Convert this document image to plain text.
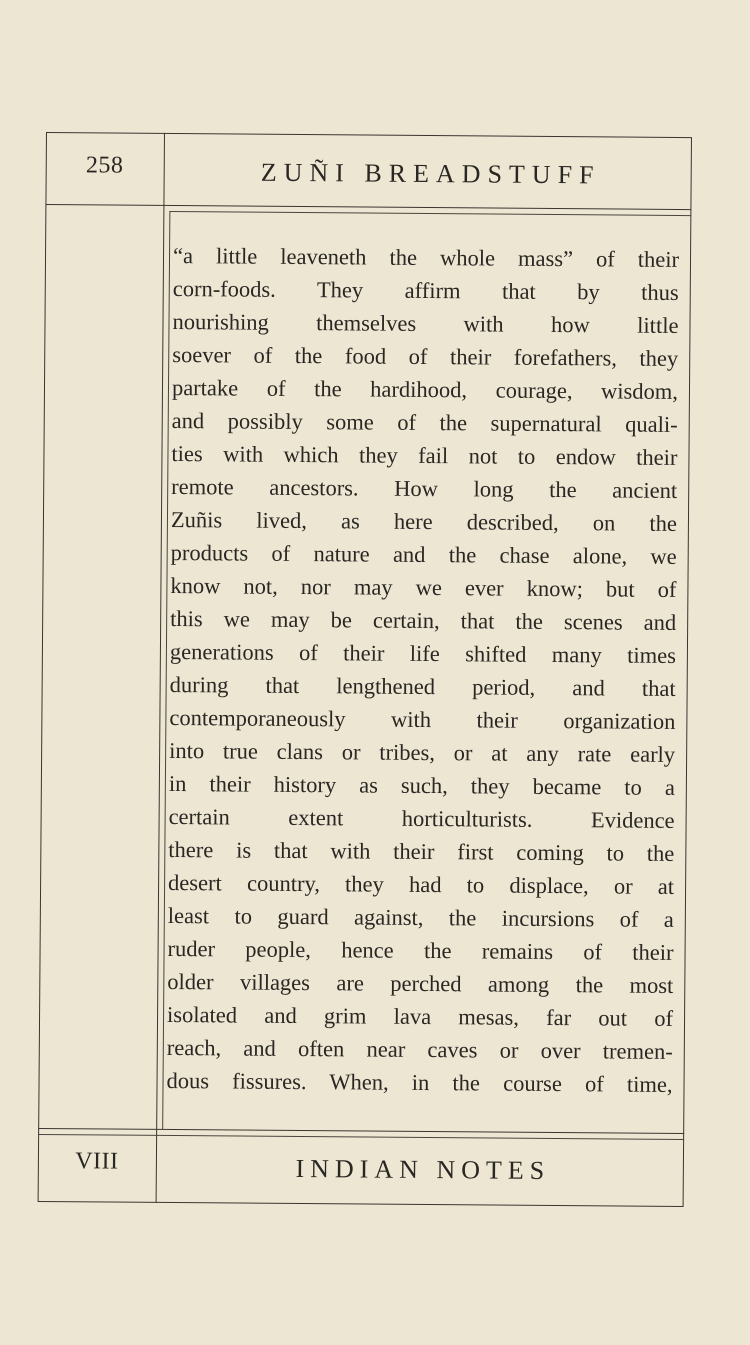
258	ZUÑI BREADSTUFF
“a little leaveneth the whole mass” of their
corn-foods. They affirm that by thus
nourishing themselves with how little
soever of the food of their forefathers, they
partake of the hardihood, courage, wisdom,
and possibly some of the supernatural quali-
ties with which they fail not to endow their
remote ancestors. How long the ancient
Zuñis lived, as here described, on the
products of nature and the chase alone, we
know not, nor may we ever know; but of
this we may be certain, that the scenes and
generations of their life shifted many times
during that lengthened period, and that
contemporaneously with their organization
into true clans or tribes, or at any rate early
in their history as such, they became to a
certain extent horticulturists. Evidence
there is that with their first coming to the
desert country, they had to displace, or at
least to guard against, the incursions of a
ruder people, hence the remains of their
older villages are perched among the most
isolated and grim lava mesas, far out of
reach, and often near caves or over tremen-
dous fissures. When, in the course of time,
VIII	INDIAN NOTES
